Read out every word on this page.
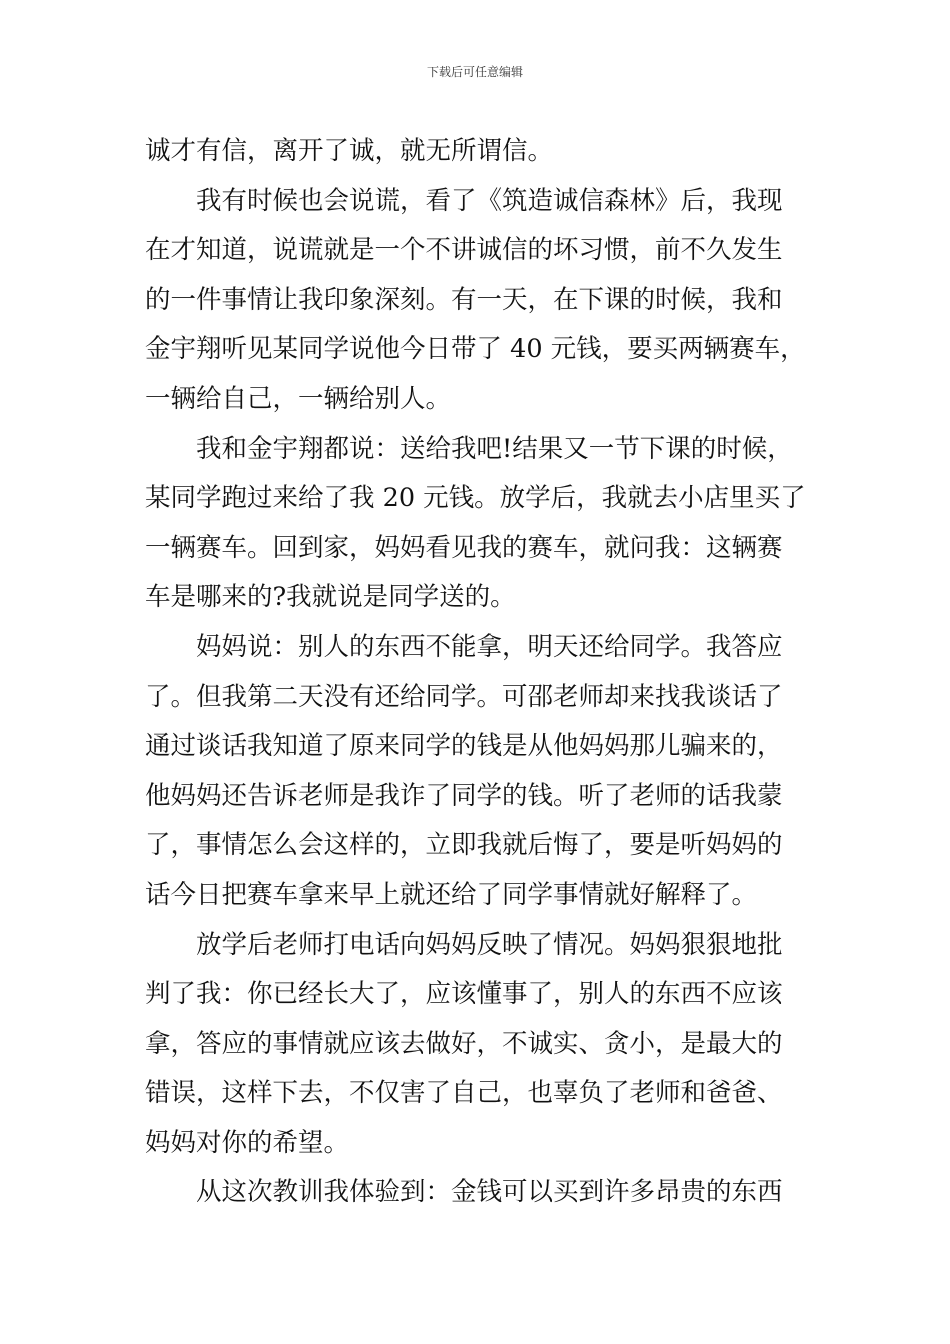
下载后可任意编辑

诚才有信，离开了诚，就无所谓信。

我有时候也会说谎，看了《筑造诚信森林》后，我现
在才知道，说谎就是一个不讲诚信的坏习惯，前不久发生
的一件事情让我印象深刻。有一天，在下课的时候，我和
金宇翔听见某同学说他今日带了 40 元钱，要买两辆赛车，
一辆给自己，一辆给别人。

我和金宇翔都说：送给我吧!结果又一节下课的时候，
某同学跑过来给了我 20 元钱。放学后，我就去小店里买了
一辆赛车。回到家，妈妈看见我的赛车，就问我：这辆赛
车是哪来的?我就说是同学送的。

妈妈说：别人的东西不能拿，明天还给同学。我答应
了。但我第二天没有还给同学。可邵老师却来找我谈话了
通过谈话我知道了原来同学的钱是从他妈妈那儿骗来的，
他妈妈还告诉老师是我诈了同学的钱。听了老师的话我蒙
了，事情怎么会这样的，立即我就后悔了，要是听妈妈的
话今日把赛车拿来早上就还给了同学事情就好解释了。

放学后老师打电话向妈妈反映了情况。妈妈狠狠地批
判了我：你已经长大了，应该懂事了，别人的东西不应该
拿，答应的事情就应该去做好，不诚实、贪小，是最大的
错误，这样下去，不仅害了自己，也辜负了老师和爸爸、
妈妈对你的希望。

从这次教训我体验到：金钱可以买到许多昂贵的东西
